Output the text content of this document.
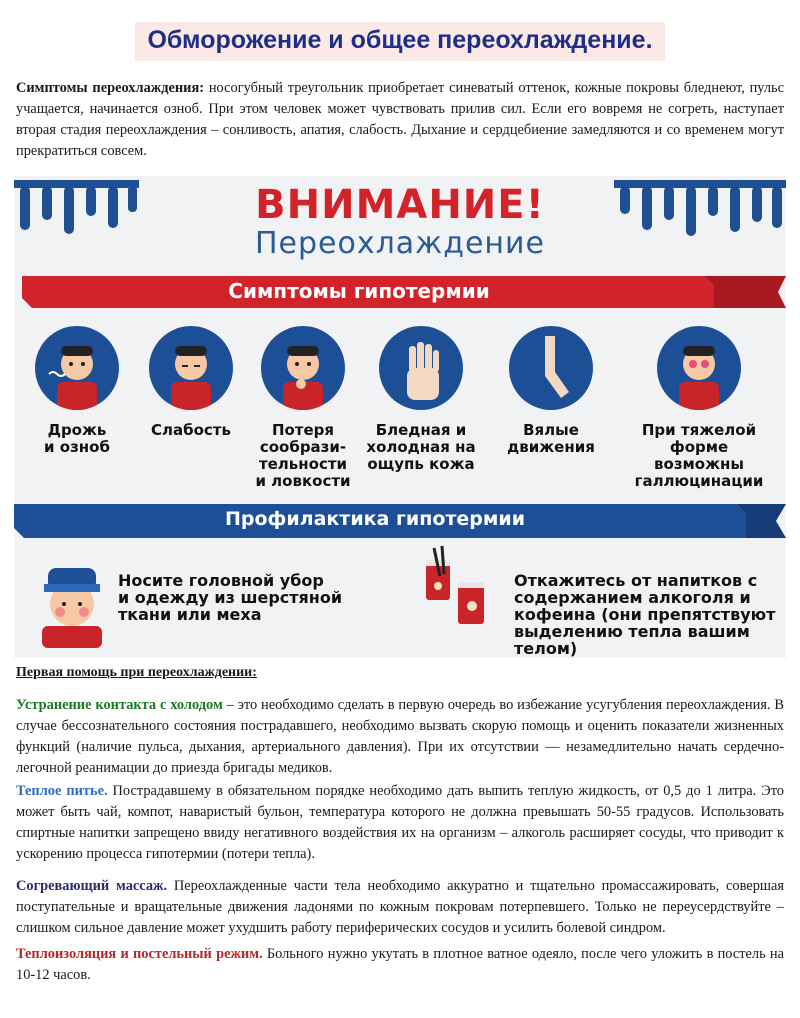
Обморожение и общее переохлаждение.
Симптомы переохлаждения: носогубный треугольник приобретает синеватый оттенок, кожные покровы бледнеют, пульс учащается, начинается озноб. При этом человек может чувствовать прилив сил. Если его вовремя не согреть, наступает вторая стадия переохлаждения – сонливость, апатия, слабость. Дыхание и сердцебиение замедляются и со временем могут прекратиться совсем.
ВНИМАНИЕ!
Переохлаждение
Симптомы гипотермии
Дрожь
и озноб
Слабость	Потеря
сообрази-
тельности
и ловкости
Бледная и
холодная на
ощупь кожа
Вялые
движения
При тяжелой
форме возможны
галлюцинации
Профилактика гипотермии
Носите головной убор
и одежду из шерстяной
ткани или меха
Откажитесь от напитков с
содержанием алкоголя и
кофеина (они препятствуют
выделению тепла вашим
телом)
Первая помощь при переохлаждении:
Устранение контакта с холодом – это необходимо сделать в первую очередь во избежание усугубления переохлаждения. В случае бессознательного состояния пострадавшего, необходимо вызвать скорую помощь и оценить показатели жизненных функций (наличие пульса, дыхания, артериального давления). При их отсутствии — незамедлительно начать сердечно-легочной реанимации до приезда бригады медиков.
Теплое питье. Пострадавшему в обязательном порядке необходимо дать выпить теплую жидкость, от 0,5 до 1 литра. Это может быть чай, компот, наваристый бульон, температура которого не должна превышать 50-55 градусов. Использовать спиртные напитки запрещено ввиду негативного воздействия их на организм – алкоголь расширяет сосуды, что приводит к ускорению процесса гипотермии (потери тепла).
Согревающий массаж. Переохлажденные части тела необходимо аккуратно и тщательно промассажировать, совершая поступательные и вращательные движения ладонями по кожным покровам потерпевшего. Только не переусердствуйте – слишком сильное давление может ухудшить работу периферических сосудов и усилить болевой синдром.
Теплоизоляция и постельный режим. Больного нужно укутать в плотное ватное одеяло, после чего уложить в постель на 10-12 часов.
